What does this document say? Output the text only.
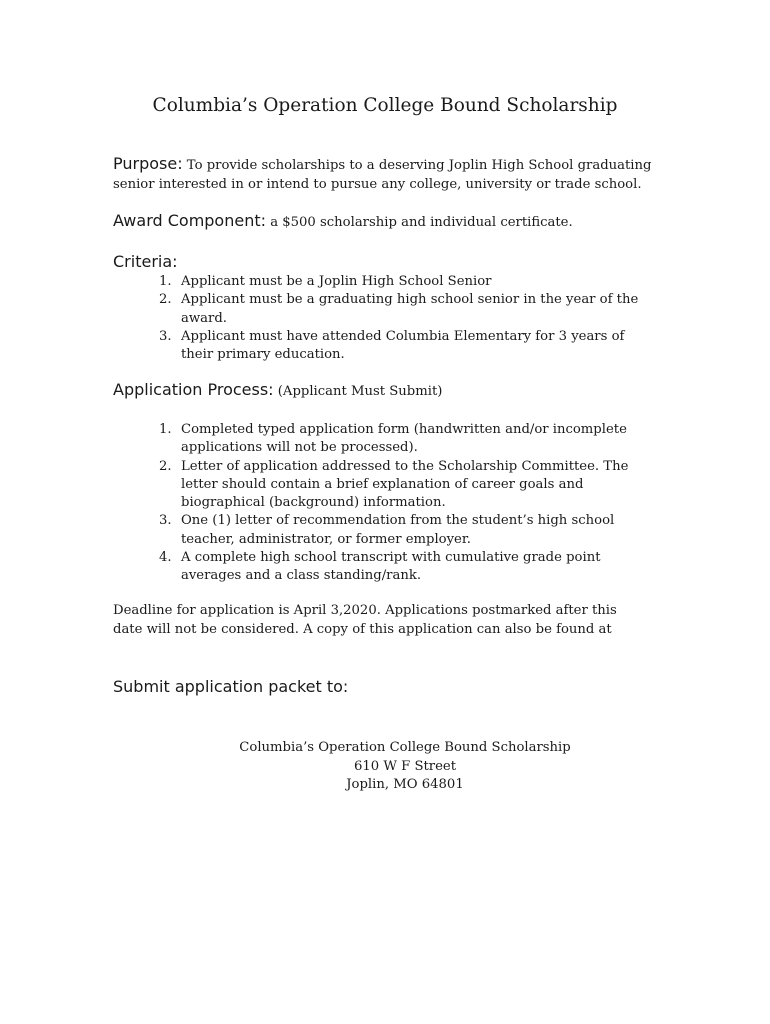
Columbia’s Operation College Bound Scholarship
Purpose: To provide scholarships to a deserving Joplin High School graduating senior interested in or intend to pursue any college, university or trade school.
Award Component: a $500 scholarship and individual certificate.
Criteria:
1. Applicant must be a Joplin High School Senior
2. Applicant must be a graduating high school senior in the year of the award.
3. Applicant must have attended Columbia Elementary for 3 years of their primary education.
Application Process: (Applicant Must Submit)
1. Completed typed application form (handwritten and/or incomplete applications will not be processed).
2. Letter of application addressed to the Scholarship Committee. The letter should contain a brief explanation of career goals and biographical (background) information.
3. One (1) letter of recommendation from the student’s high school teacher, administrator, or former employer.
4. A complete high school transcript with cumulative grade point averages and a class standing/rank.
Deadline for application is April 3,2020. Applications postmarked after this date will not be considered. A copy of this application can also be found at
Submit application packet to:
Columbia’s Operation College Bound Scholarship
610 W F Street
Joplin, MO 64801
